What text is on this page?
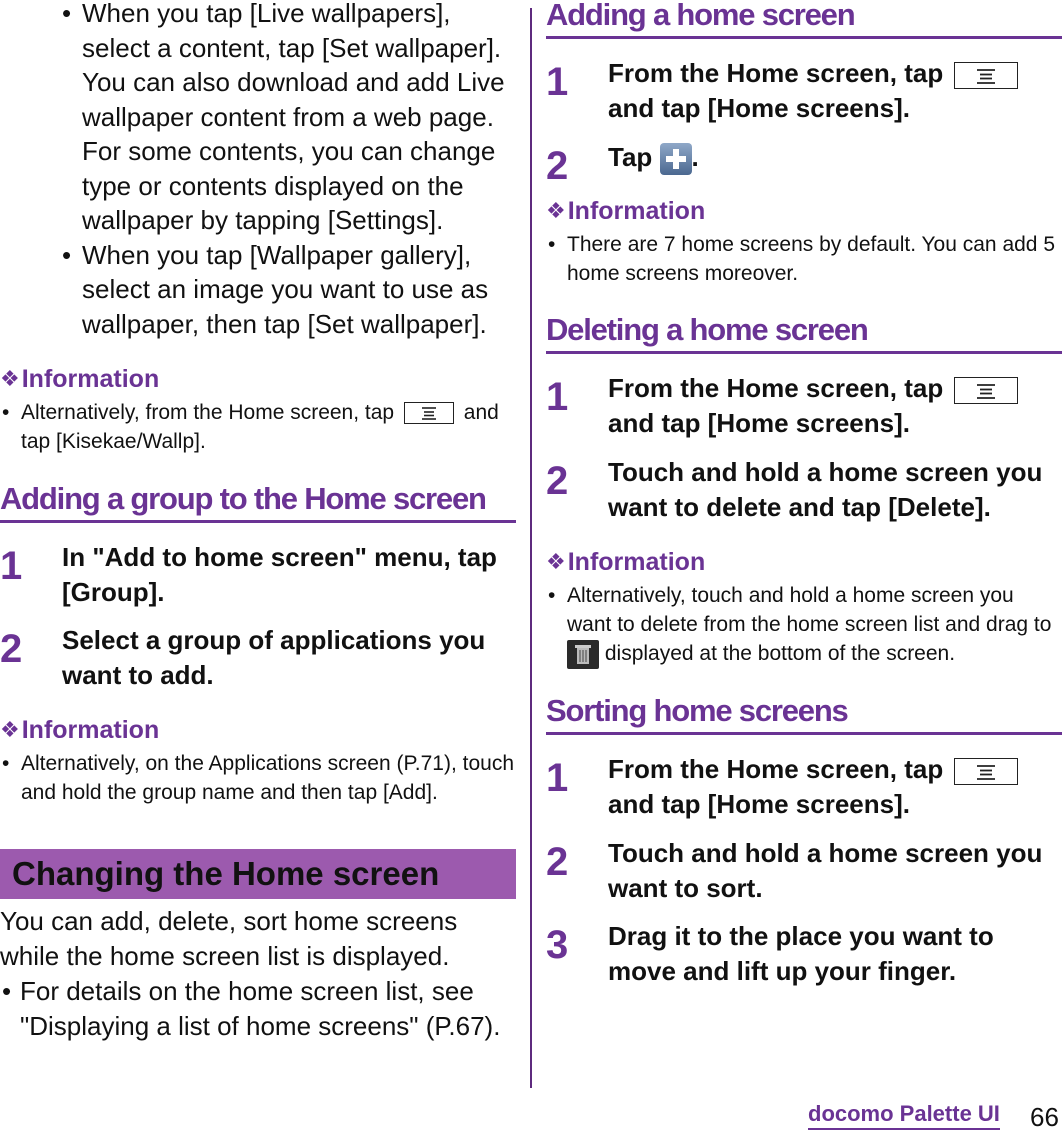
• When you tap [Live wallpapers], select a content, tap [Set wallpaper]. You can also download and add Live wallpaper content from a web page. For some contents, you can change type or contents displayed on the wallpaper by tapping [Settings].

• When you tap [Wallpaper gallery], select an image you want to use as wallpaper, then tap [Set wallpaper].

❖ Information

• Alternatively, from the Home screen, tap	and tap [Kisekae/Wallp].

Adding a group to the Home screen

1 In "Add to home screen" menu, tap [Group].

2 Select a group of applications you want to add.

❖ Information

• Alternatively, on the Applications screen (P.71), touch and hold the group name and then tap [Add].

Changing the Home screen

You can add, delete, sort home screens while the home screen list is displayed.

• For details on the home screen list, see "Displaying a list of home screens" (P.67).

Adding a home screen

1 From the Home screen, tap

and tap [Home screens].

2 Tap .

❖ Information

• There are 7 home screens by default. You can add 5 home screens moreover.

Deleting a home screen

1 From the Home screen, tap

and tap [Home screens].

2 Touch and hold a home screen you want to delete and tap [Delete].

❖ Information

• Alternatively, touch and hold a home screen you want to delete from the home screen list and drag to
displayed at the bottom of the screen.

Sorting home screens

1 From the Home screen, tap

and tap [Home screens].

2 Touch and hold a home screen you want to sort.

3 Drag it to the place you want to move and lift up your finger.

docomo Palette UI 66
